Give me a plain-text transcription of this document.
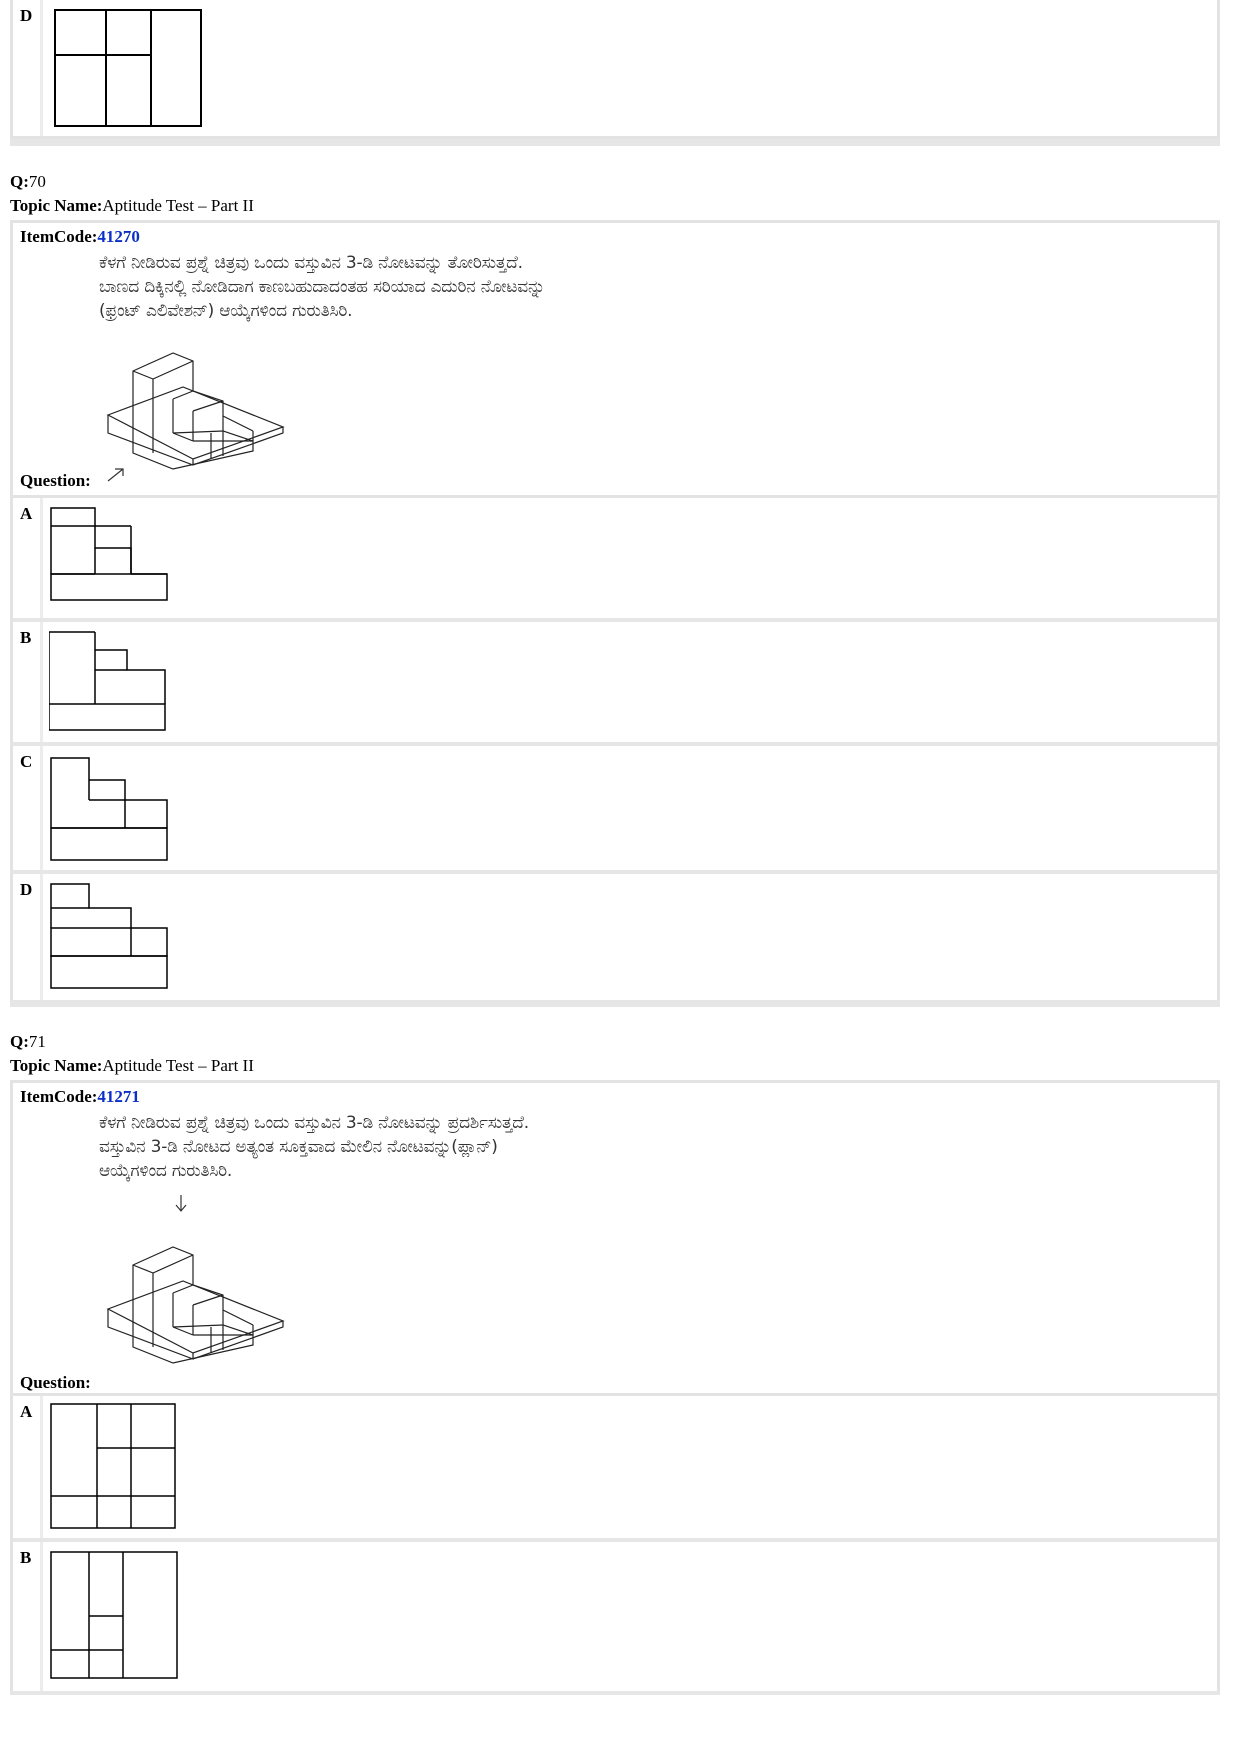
D
Q:70
Topic Name:Aptitude Test – Part II
ItemCode:41270
ಕೆಳಗೆ ನೀಡಿರುವ ಪ್ರಶ್ನೆ ಚಿತ್ರವು ಒಂದು ವಸ್ತುವಿನ 3-ಡಿ ನೋಟವನ್ನು ತೋರಿಸುತ್ತದೆ.
ಬಾಣದ ದಿಕ್ಕಿನಲ್ಲಿ ನೋಡಿದಾಗ ಕಾಣಬಹುದಾದಂತಹ ಸರಿಯಾದ ಎದುರಿನ ನೋಟವನ್ನು
(ಫ್ರಂಟ್ ಎಲಿವೇಶನ್) ಆಯ್ಕೆಗಳಿಂದ ಗುರುತಿಸಿರಿ.
Question:
A
B
C
D
Q:71
Topic Name:Aptitude Test – Part II
ItemCode:41271
ಕೆಳಗೆ ನೀಡಿರುವ ಪ್ರಶ್ನೆ ಚಿತ್ರವು ಒಂದು ವಸ್ತುವಿನ 3-ಡಿ ನೋಟವನ್ನು ಪ್ರದರ್ಶಿಸುತ್ತದೆ.
ವಸ್ತುವಿನ 3-ಡಿ ನೋಟದ ಅತ್ಯಂತ ಸೂಕ್ತವಾದ ಮೇಲಿನ ನೋಟವನ್ನು(ಪ್ಲಾನ್)
ಆಯ್ಕೆಗಳಿಂದ ಗುರುತಿಸಿರಿ.
Question:
A
B
